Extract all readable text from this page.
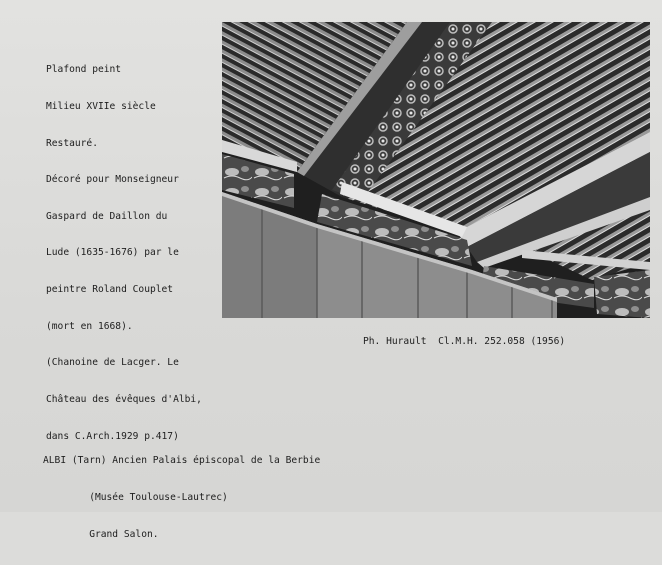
Plafond peint

Milieu XVIIe siècle

Restauré.

Décoré pour Monseigneur

Gaspard de Daillon du

Lude (1635-1676) par le

peintre Roland Couplet

(mort en 1668).

(Chanoine de Lacger. Le

Château des évêques d'Albi,

dans C.Arch.1929 p.417)

Ph. Hurault  Cl.M.H. 252.058 (1956)

ALBI (Tarn) Ancien Palais épiscopal de la Berbie

(Musée Toulouse-Lautrec)

Grand Salon.
